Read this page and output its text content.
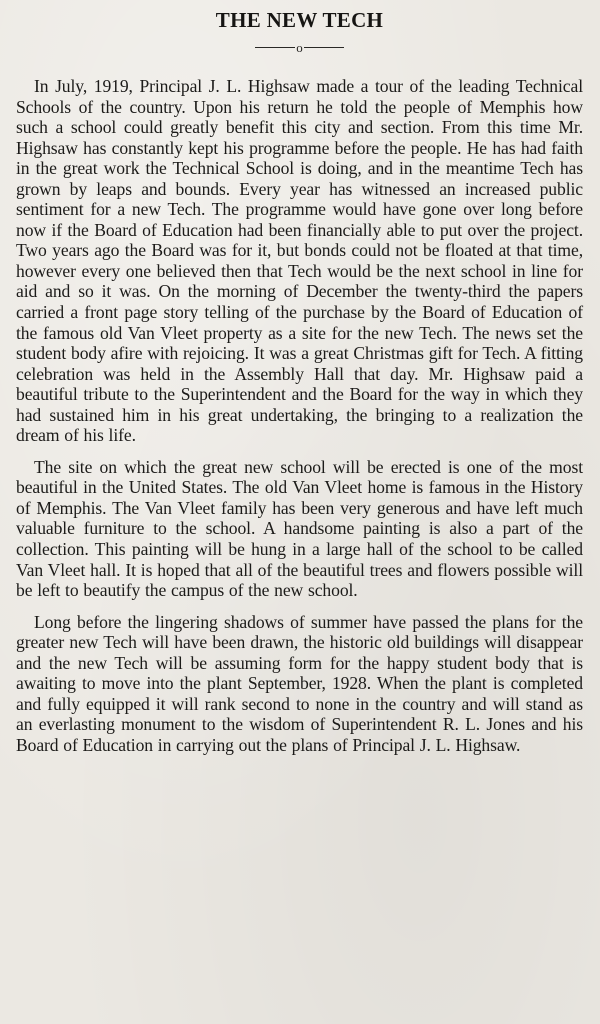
THE NEW TECH
o

In July, 1919, Principal J. L. Highsaw made a tour of the leading Technical Schools of the country. Upon his return he told the people of Memphis how such a school could greatly benefit this city and section. From this time Mr. Highsaw has constantly kept his programme before the people. He has had faith in the great work the Technical School is doing, and in the meantime Tech has grown by leaps and bounds. Every year has witnessed an increased public sentiment for a new Tech. The programme would have gone over long before now if the Board of Education had been financially able to put over the project. Two years ago the Board was for it, but bonds could not be floated at that time, however every one believed then that Tech would be the next school in line for aid and so it was. On the morning of December the twenty-third the papers carried a front page story telling of the purchase by the Board of Education of the famous old Van Vleet property as a site for the new Tech. The news set the student body afire with rejoicing. It was a great Christmas gift for Tech. A fitting celebration was held in the Assembly Hall that day. Mr. Highsaw paid a beautiful tribute to the Superintendent and the Board for the way in which they had sustained him in his great undertaking, the bringing to a realization the dream of his life.

The site on which the great new school will be erected is one of the most beautiful in the United States. The old Van Vleet home is famous in the History of Memphis. The Van Vleet family has been very generous and have left much valuable furniture to the school. A handsome painting is also a part of the collection. This painting will be hung in a large hall of the school to be called Van Vleet hall. It is hoped that all of the beautiful trees and flowers possible will be left to beautify the campus of the new school.

Long before the lingering shadows of summer have passed the plans for the greater new Tech will have been drawn, the historic old buildings will disappear and the new Tech will be assuming form for the happy student body that is awaiting to move into the plant September, 1928. When the plant is completed and fully equipped it will rank second to none in the country and will stand as an everlasting monument to the wisdom of Superintendent R. L. Jones and his Board of Education in carrying out the plans of Principal J. L. Highsaw.
